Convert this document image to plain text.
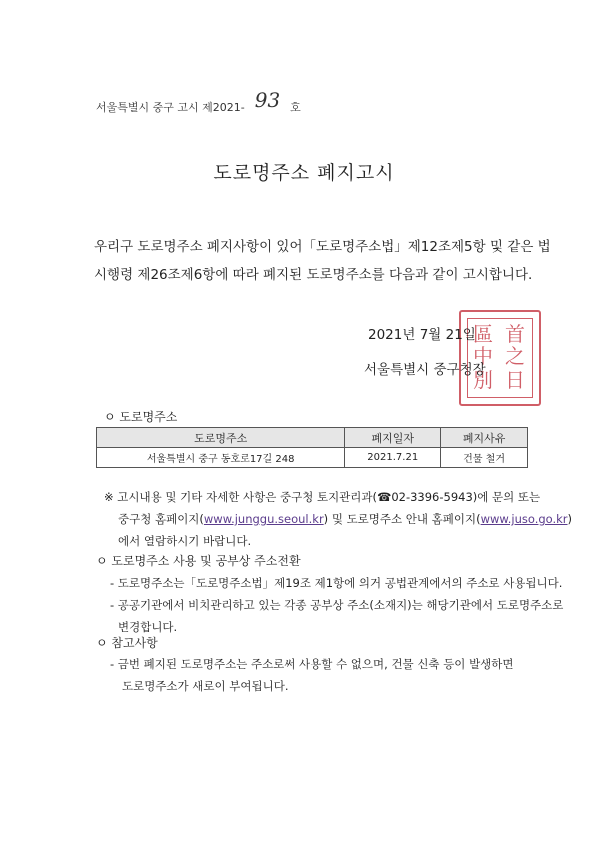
서울특별시 중구 고시 제2021- 93 호
도로명주소 폐지고시
우리구 도로명주소 폐지사항이 있어「도로명주소법」제12조제5항 및 같은 법
시행령 제26조제6항에 따라 폐지된 도로명주소를 다음과 같이 고시합니다.
區 首
中 之
別 日
2021년 7월 21일
서울특별시 중구청장
ㅇ 도로명주소
도로명주소	폐지일자	폐지사유
서울특별시 중구 동호로17길 248	2021.7.21	건물 철거
※ 고시내용 및 기타 자세한 사항은 중구청 토지관리과(☎02-3396-5943)에 문의 또는
중구청 홈페이지(www.junggu.seoul.kr) 및 도로명주소 안내 홈페이지(www.juso.go.kr)
에서 열람하시기 바랍니다.
ㅇ 도로명주소 사용 및 공부상 주소전환
- 도로명주소는「도로명주소법」제19조 제1항에 의거 공법관계에서의 주소로 사용됩니다.
- 공공기관에서 비치관리하고 있는 각종 공부상 주소(소재지)는 해당기관에서 도로명주소로
변경합니다.
ㅇ 참고사항
- 금번 폐지된 도로명주소는 주소로써 사용할 수 없으며, 건물 신축 등이 발생하면
도로명주소가 새로이 부여됩니다.
